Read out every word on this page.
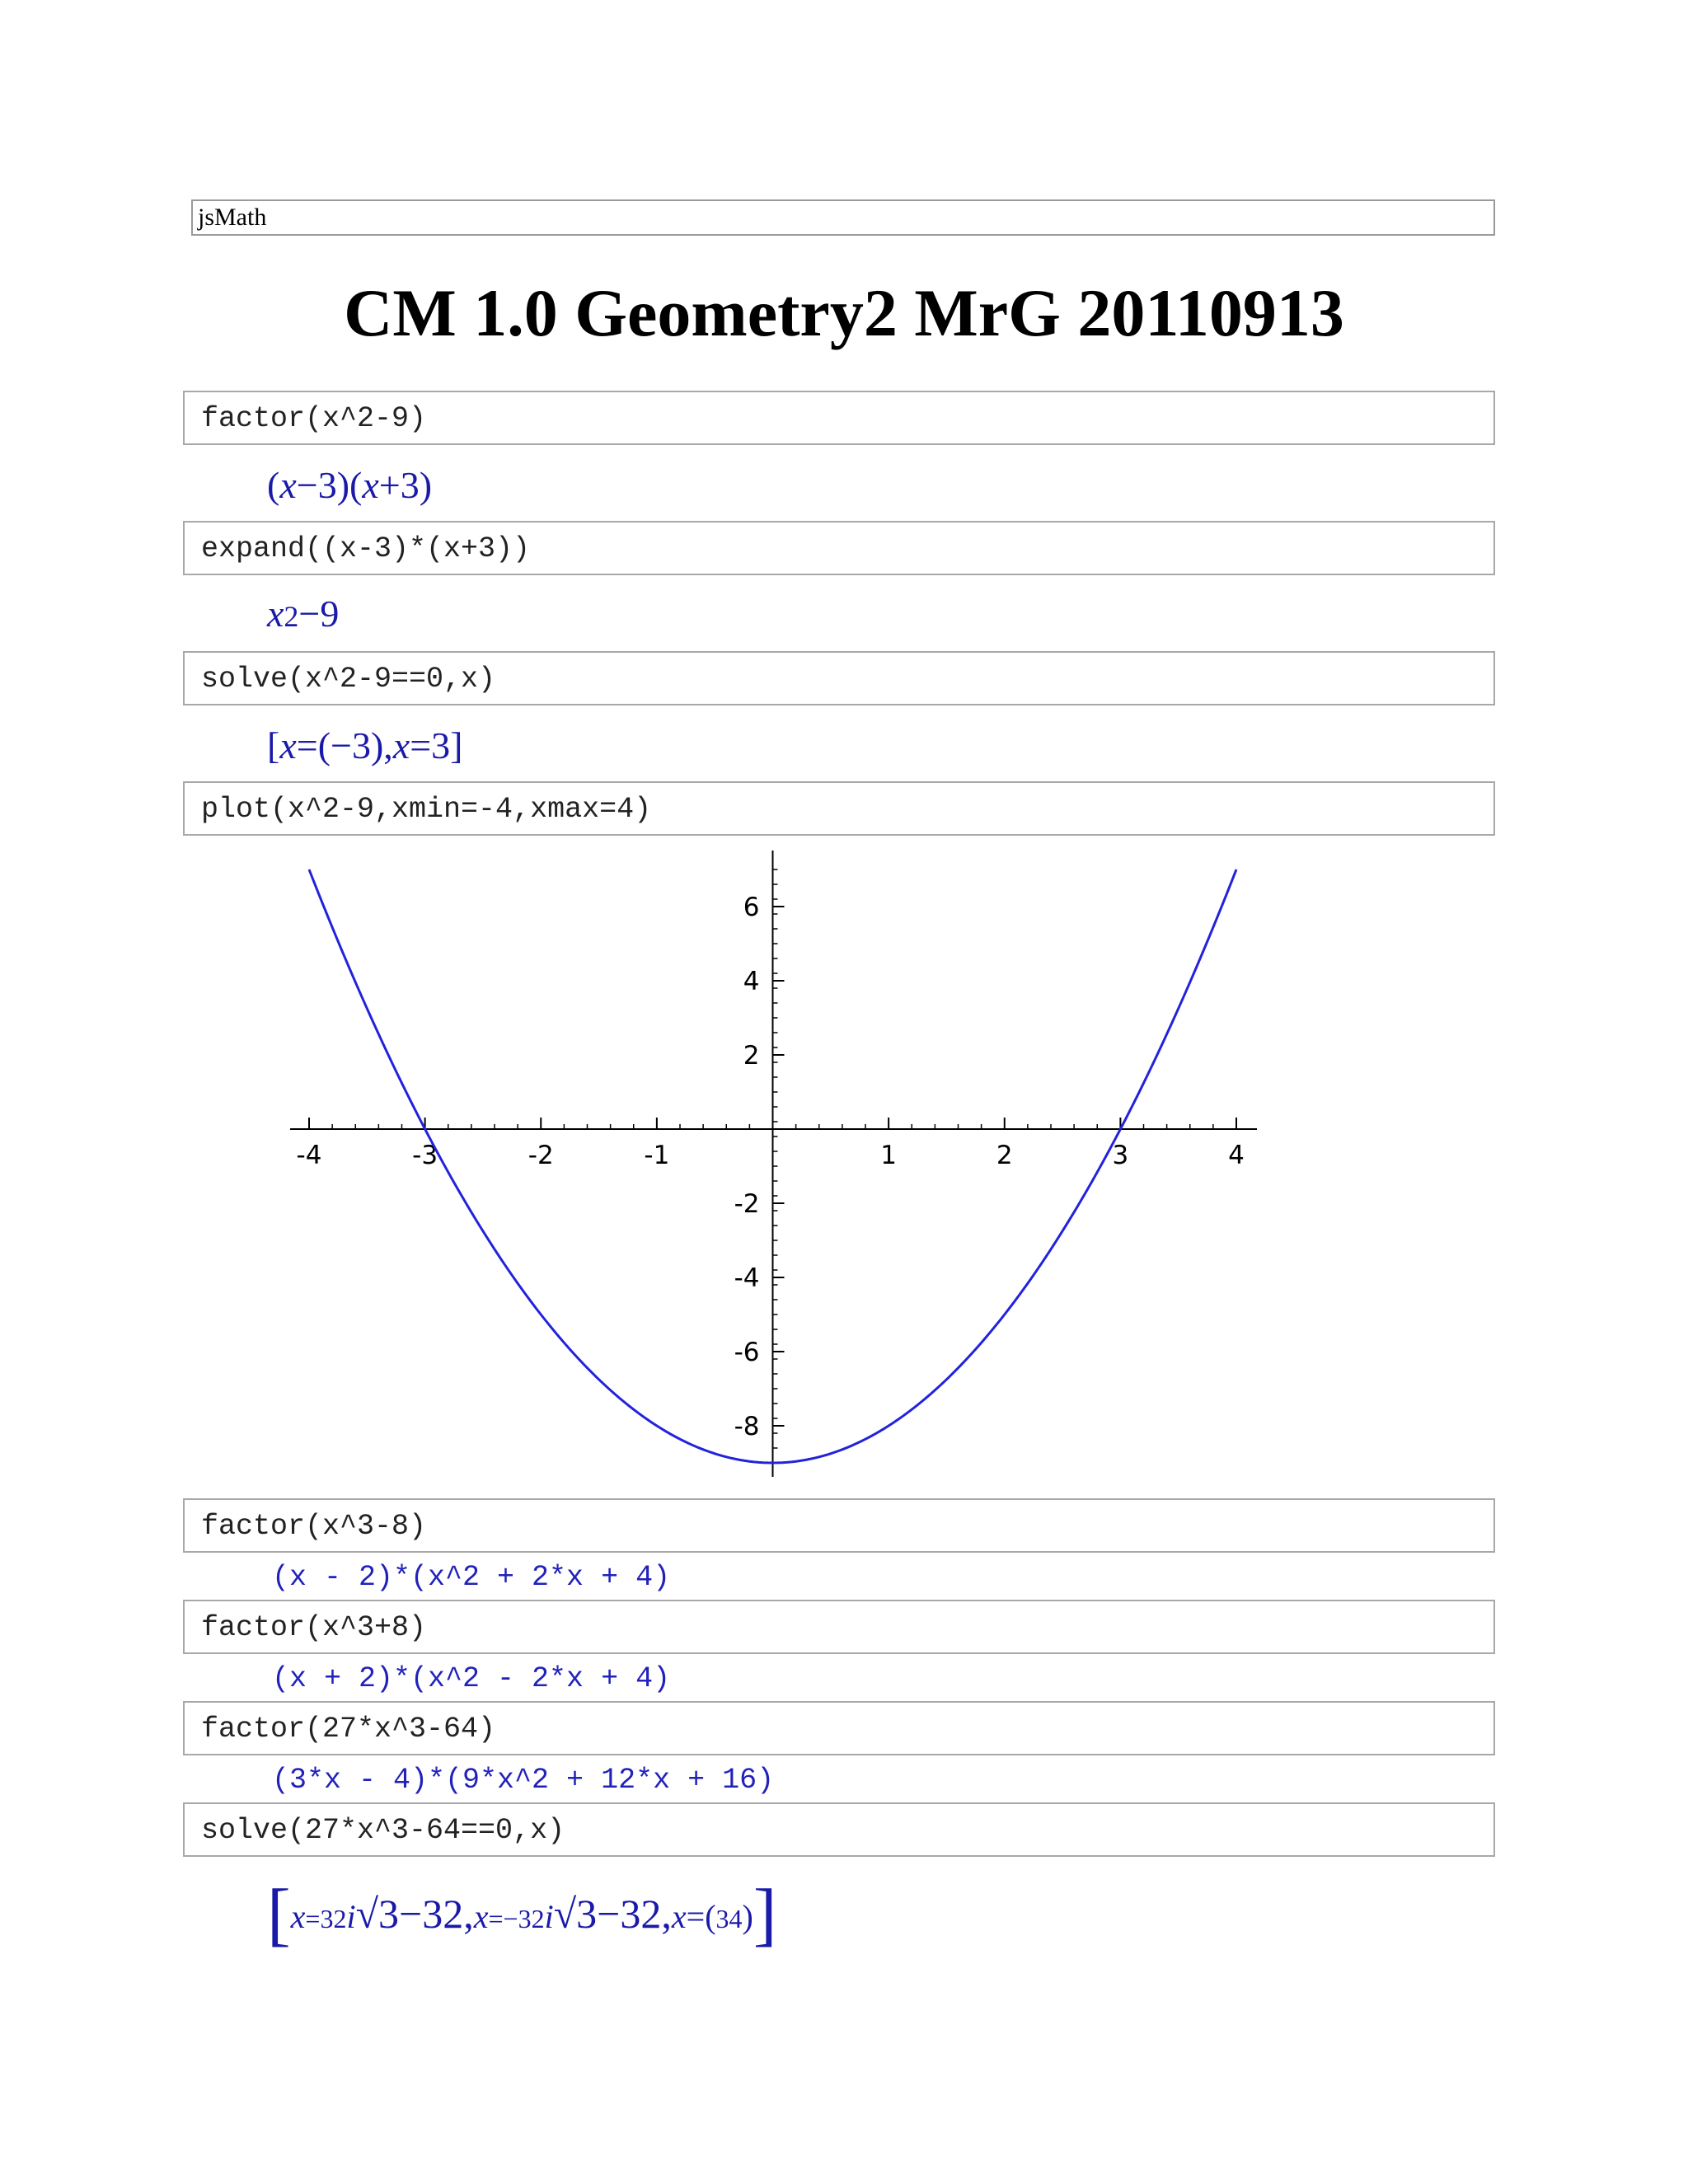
jsMath
CM 1.0 Geometry2 MrG 20110913
factor(x^2-9)
(x−3)(x+3)
expand((x-3)*(x+3))
x2−9
solve(x^2-9==0,x)
[x=(−3),x=3]
plot(x^2-9,xmin=-4,xmax=4)
-4	-3	-2	-1	1	2	3	4
-8
-6
-4
-2
2
4
6
factor(x^3-8)
(x - 2)*(x^2 + 2*x + 4)
factor(x^3+8)
(x + 2)*(x^2 - 2*x + 4)
factor(27*x^3-64)
(3*x - 4)*(9*x^2 + 12*x + 16)
solve(27*x^3-64==0,x)
[x=32i√3−32,x=−32i√3−32,x=(34)]
